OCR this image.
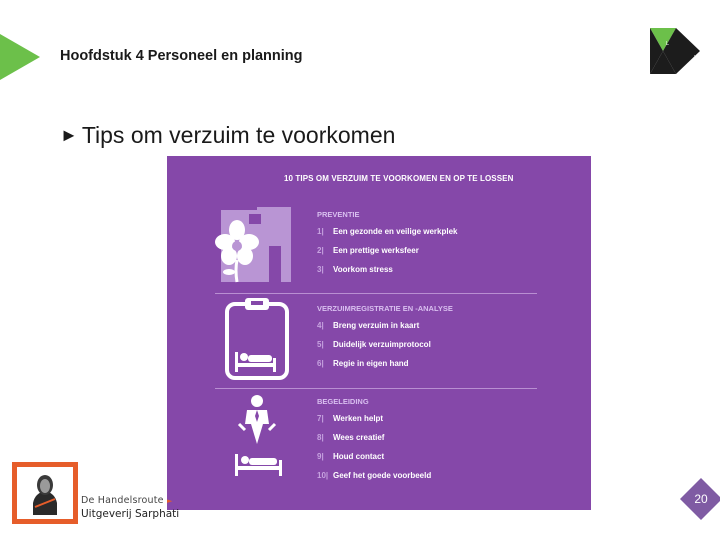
Hoofdstuk 4 Personeel en planning
L
I
► Tips om verzuim te voorkomen
10 TIPS OM VERZUIM TE VOORKOMEN EN OP TE LOSSEN
PREVENTIE
1| Een gezonde en veilige werkplek
2| Een prettige werksfeer
3| Voorkom stress
VERZUIMREGISTRATIE EN -ANALYSE
4| Breng verzuim in kaart
5| Duidelijk verzuimprotocol
6| Regie in eigen hand
BEGELEIDING
7| Werken helpt
8| Wees creatief
9| Houd contact
10| Geef het goede voorbeeld
De Handelsroute ►
Uitgeverij Sarphati
20
